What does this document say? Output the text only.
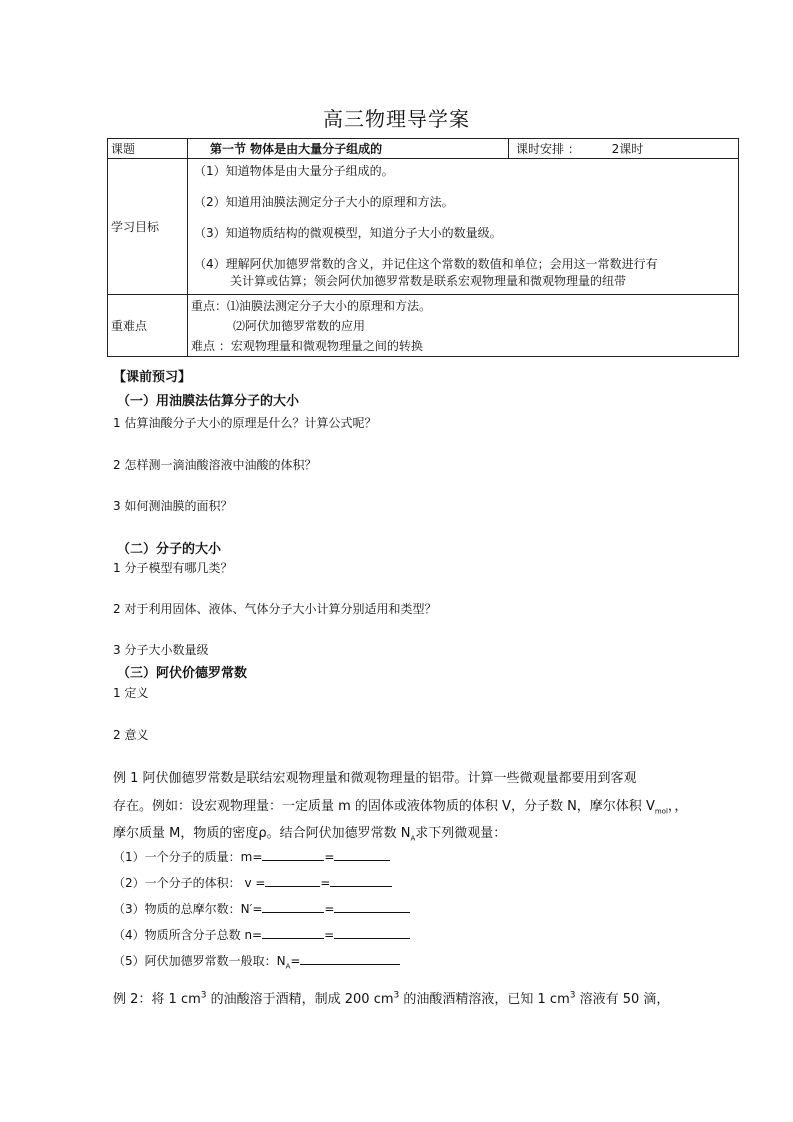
高三物理导学案
课题	第一节 物体是由大量分子组成的	课时安排 ： 2课时
学习目标	（1）知道物体是由大量分子组成的。
（2）知道用油膜法测定分子大小的原理和方法。
（3）知道物质结构的微观模型，知道分子大小的数量级。
（4）理解阿伏加德罗常数的含义，并记住这个常数的数值和单位；会用这一常数进行有
关计算或估算；领会阿伏加德罗常数是联系宏观物理量和微观物理量的纽带	

重难点	重点：⑴油膜法测定分子大小的原理和方法。
⑵阿伏加德罗常数的应用
难点 ：宏观物理量和微观物理量之间的转换	
【课前预习】
（一）用油膜法估算分子的大小
1 估算油酸分子大小的原理是什么？计算公式呢？
2 怎样测一滴油酸溶液中油酸的体积？
3 如何测油膜的面积？
（二）分子的大小
1 分子模型有哪几类？
2 对于利用固体、液体、气体分子大小计算分别适用和类型？
3 分子大小数量级
（三）阿伏价德罗常数
1 定义
2 意义
例 1 阿伏伽德罗常数是联结宏观物理量和微观物理量的铝带。计算一些微观量都要用到客观
存在。例如：设宏观物理量：一定质量 m 的固体或液体物质的体积 V，分子数 N，摩尔体积 $V_{mol}$，，
摩尔质量 M，物质的密度ρ。结合阿伏加德罗常数 $N_A$求下列微观量：
（1）一个分子的质量：m=	=
（2）一个分子的体积： v =	=
（3）物质的总摩尔数：N′=	=
（4）物质所含分子总数 n=	=
（5）阿伏加德罗常数一般取：$N_A=$
例 2：将 1 $cm^3$ 的油酸溶于酒精，制成 200 $cm^3$ 的油酸酒精溶液，已知 1 $cm^3$ 溶液有 50 滴，
